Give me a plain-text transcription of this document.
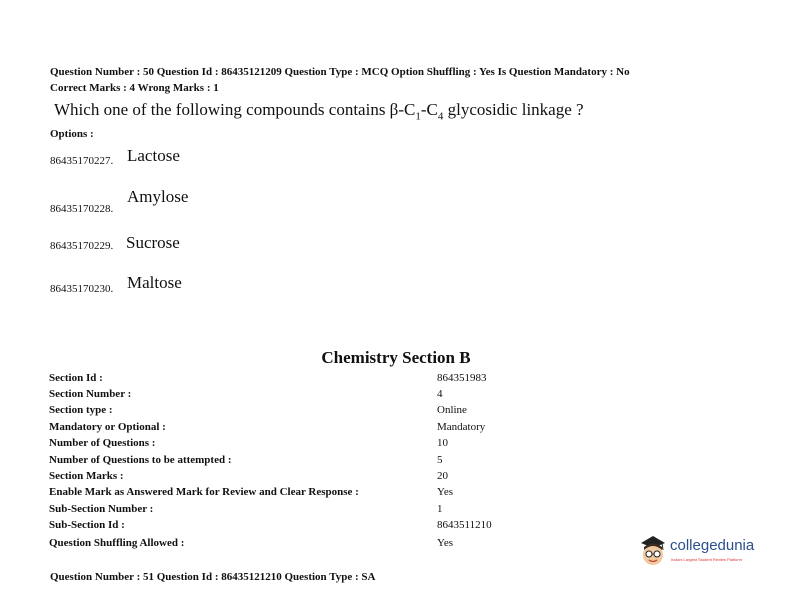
Question Number : 50 Question Id : 86435121209 Question Type : MCQ Option Shuffling : Yes Is Question Mandatory : No
Correct Marks : 4 Wrong Marks : 1
Which one of the following compounds contains $\beta-C_1-C_4$ glycosidic linkage ?
Options :
86435170227. Lactose
86435170228.
Amylose
86435170229. Sucrose
86435170230. Maltose
Chemistry Section B
Section Id :	864351983
Section Number :	4
Section type :	Online
Mandatory or Optional :	Mandatory
Number of Questions :	10
Number of Questions to be attempted :	5
Section Marks :	20
Enable Mark as Answered Mark for Review and Clear Response :	Yes
Sub-Section Number :	1
Sub-Section Id :	8643511210
Question Shuffling Allowed :	Yes
Question Number : 51 Question Id : 86435121210 Question Type : SA
collegedunia
India's Largest Student Review Platform
